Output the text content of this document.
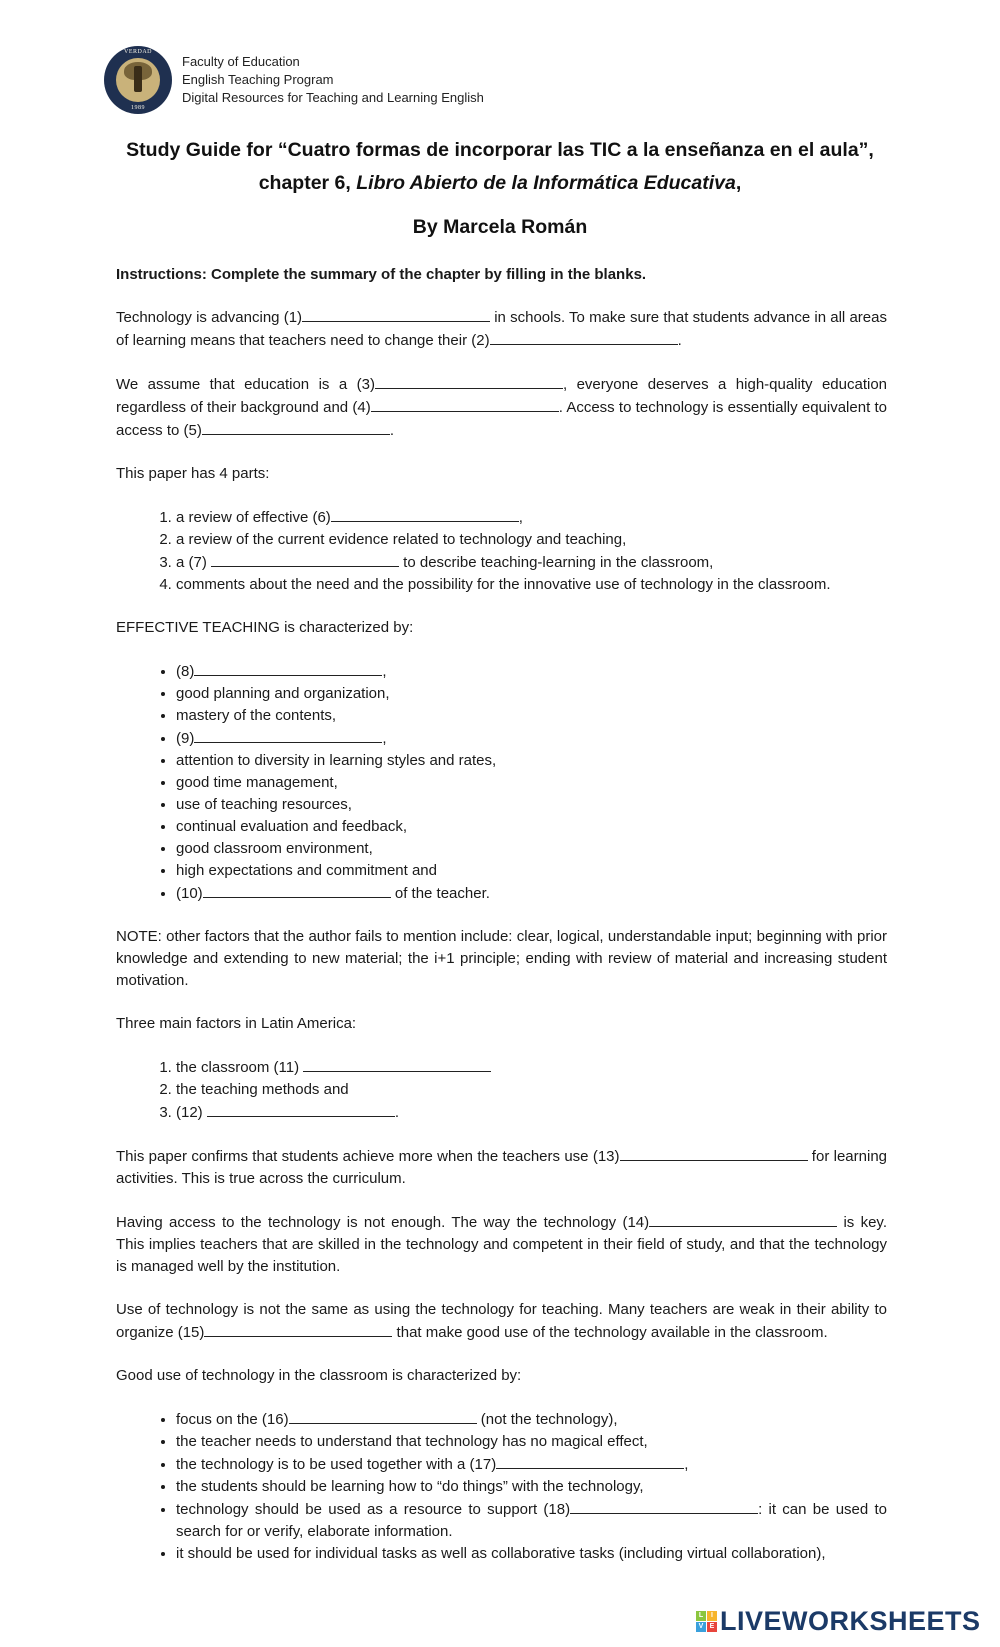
VERDAD
1989
Faculty of Education
English Teaching Program
Digital Resources for Teaching and Learning English
Study Guide for “Cuatro formas de incorporar las TIC a la enseñanza en el aula”,
chapter 6, Libro Abierto de la Informática Educativa,
By Marcela Román

Instructions: Complete the summary of the chapter by filling in the blanks.

Technology is advancing (1)	in schools. To make sure that students advance in all areas of learning means that teachers need to change their (2)	.

We assume that education is a (3)	, everyone deserves a high-quality education regardless of their background and (4)	. Access to technology is essentially equivalent to access to (5)	.

This paper has 4 parts:

1. a review of effective (6)	,
2. a review of the current evidence related to technology and teaching,
3. a (7)	to describe teaching-learning in the classroom,
4. comments about the need and the possibility for the innovative use of technology in the classroom.

EFFECTIVE TEACHING is characterized by:

• (8)	,
• good planning and organization,
• mastery of the contents,
• (9)	,
• attention to diversity in learning styles and rates,
• good time management,
• use of teaching resources,
• continual evaluation and feedback,
• good classroom environment,
• high expectations and commitment and
• (10)	of the teacher.

NOTE: other factors that the author fails to mention include: clear, logical, understandable input; beginning with prior knowledge and extending to new material; the i+1 principle; ending with review of material and increasing student motivation.

Three main factors in Latin America:

1. the classroom (11)
2. the teaching methods and
3. (12)	.

This paper confirms that students achieve more when the teachers use (13)	for learning activities. This is true across the curriculum.

Having access to the technology is not enough. The way the technology (14)	is key. This implies teachers that are skilled in the technology and competent in their field of study, and that the technology is managed well by the institution.

Use of technology is not the same as using the technology for teaching. Many teachers are weak in their ability to organize (15)	that make good use of the technology available in the classroom.

Good use of technology in the classroom is characterized by:

• focus on the (16)	(not the technology),
• the teacher needs to understand that technology has no magical effect,
• the technology is to be used together with a (17)	,
• the students should be learning how to “do things” with the technology,
• technology should be used as a resource to support (18)	: it can be used to search for or verify, elaborate information.
• it should be used for individual tasks as well as collaborative tasks (including virtual collaboration),
L	I
V E LIVEWORKSHEETS
